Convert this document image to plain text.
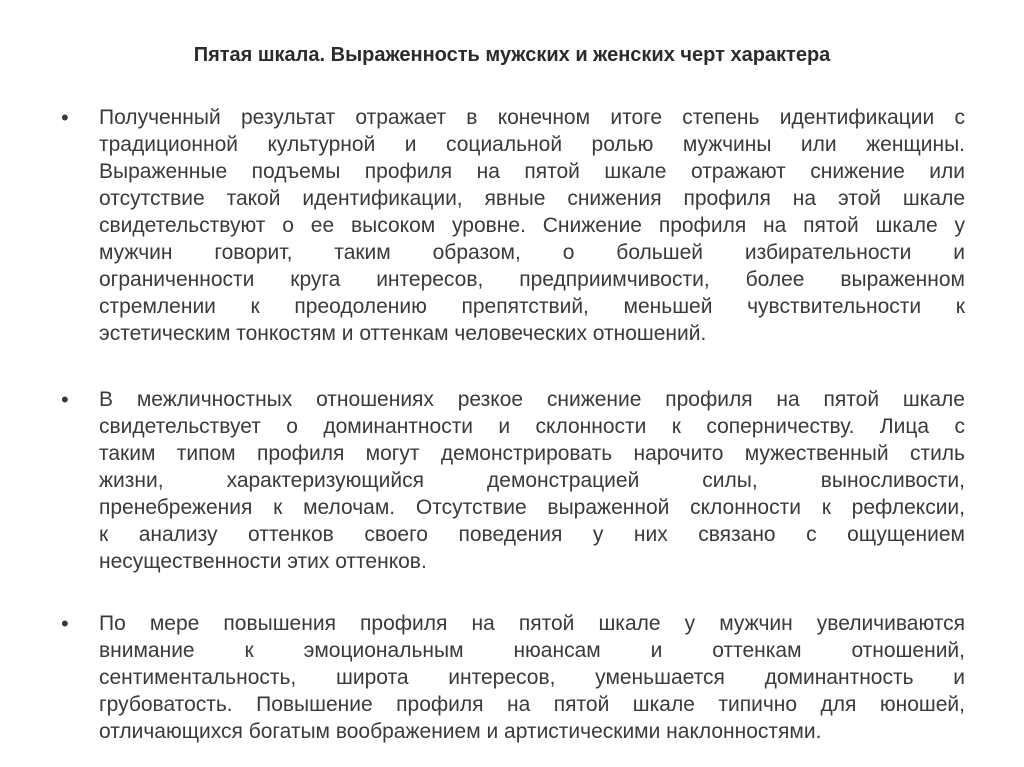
Пятая шкала. Выраженность мужских и женских черт характера
• Полученный результат отражает в конечном итоге степень идентификации с
традиционной культурной и социальной ролью мужчины или женщины.
Выраженные подъемы профиля на пятой шкале отражают снижение или
отсутствие такой идентификации, явные снижения профиля на этой шкале
свидетельствуют о ее высоком уровне. Снижение профиля на пятой шкале у
мужчин говорит, таким образом, о большей избирательности и
ограниченности круга интересов, предприимчивости, более выраженном
стремлении к преодолению препятствий, меньшей чувствительности к
эстетическим тонкостям и оттенкам человеческих отношений.
• В межличностных отношениях резкое снижение профиля на пятой шкале
свидетельствует о доминантности и склонности к соперничеству. Лица с
таким типом профиля могут демонстрировать нарочито мужественный стиль
жизни, характеризующийся демонстрацией силы, выносливости,
пренебрежения к мелочам. Отсутствие выраженной склонности к рефлексии,
к анализу оттенков своего поведения у них связано с ощущением
несущественности этих оттенков.
• По мере повышения профиля на пятой шкале у мужчин увеличиваются
внимание к эмоциональным нюансам и оттенкам отношений,
сентиментальность, широта интересов, уменьшается доминантность и
грубоватость. Повышение профиля на пятой шкале типично для юношей,
отличающихся богатым воображением и артистическими наклонностями.
